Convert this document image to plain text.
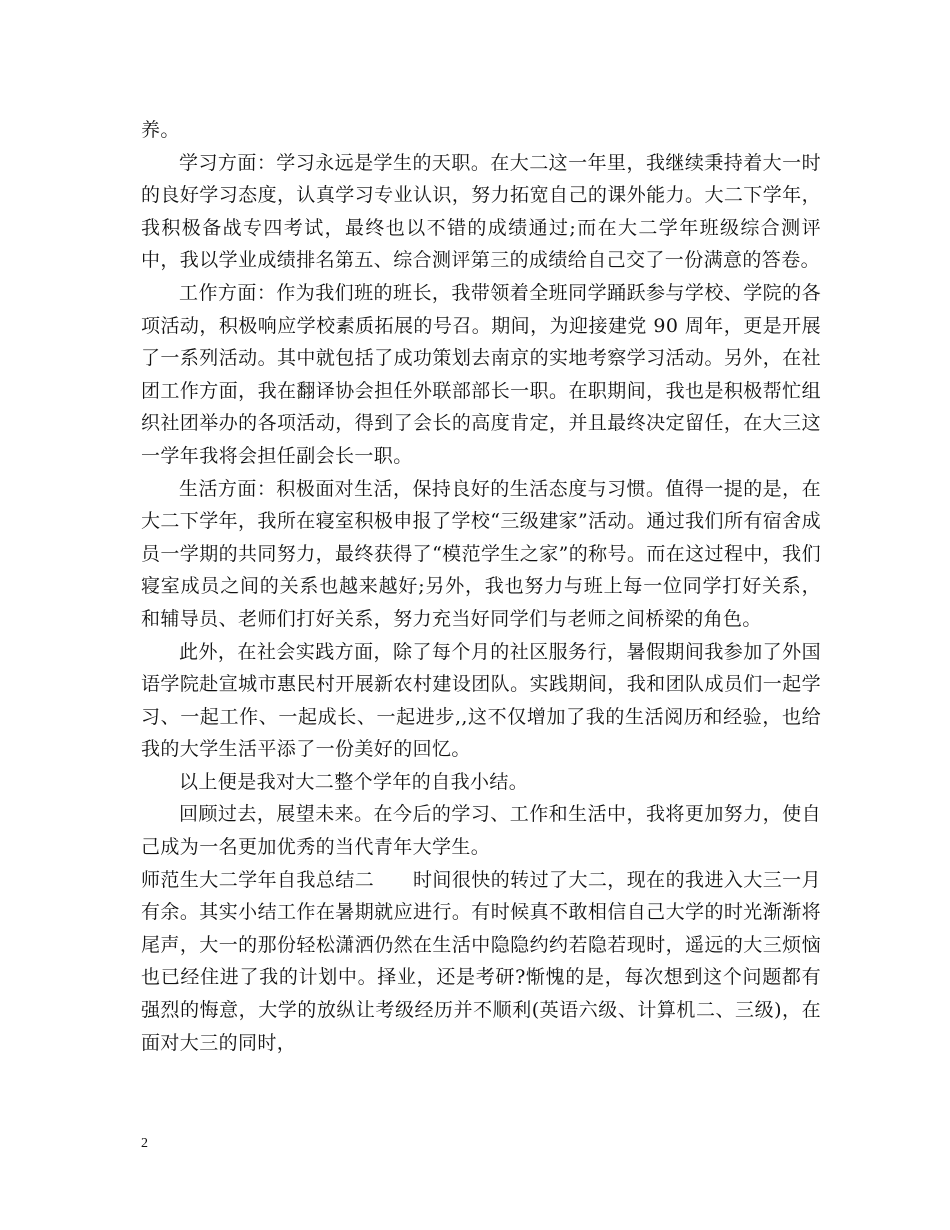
养。

学习方面：学习永远是学生的天职。在大二这一年里，我继续秉持着大一时的良好学习态度，认真学习专业认识，努力拓宽自己的课外能力。大二下学年，我积极备战专四考试，最终也以不错的成绩通过;而在大二学年班级综合测评中，我以学业成绩排名第五、综合测评第三的成绩给自己交了一份满意的答卷。

工作方面：作为我们班的班长，我带领着全班同学踊跃参与学校、学院的各项活动，积极响应学校素质拓展的号召。期间，为迎接建党 90 周年，更是开展了一系列活动。其中就包括了成功策划去南京的实地考察学习活动。另外，在社团工作方面，我在翻译协会担任外联部部长一职。在职期间，我也是积极帮忙组织社团举办的各项活动，得到了会长的高度肯定，并且最终决定留任，在大三这一学年我将会担任副会长一职。

生活方面：积极面对生活，保持良好的生活态度与习惯。值得一提的是，在大二下学年，我所在寝室积极申报了学校“三级建家”活动。通过我们所有宿舍成员一学期的共同努力，最终获得了“模范学生之家”的称号。而在这过程中，我们寝室成员之间的关系也越来越好;另外，我也努力与班上每一位同学打好关系，和辅导员、老师们打好关系，努力充当好同学们与老师之间桥梁的角色。

此外，在社会实践方面，除了每个月的社区服务行，暑假期间我参加了外国语学院赴宣城市惠民村开展新农村建设团队。实践期间，我和团队成员们一起学习、一起工作、一起成长、一起进步,,这不仅增加了我的生活阅历和经验，也给我的大学生活平添了一份美好的回忆。

以上便是我对大二整个学年的自我小结。

回顾过去，展望未来。在今后的学习、工作和生活中，我将更加努力，使自己成为一名更加优秀的当代青年大学生。

师范生大二学年自我总结二　　时间很快的转过了大二，现在的我进入大三一月有余。其实小结工作在暑期就应进行。有时候真不敢相信自己大学的时光渐渐将尾声，大一的那份轻松潇洒仍然在生活中隐隐约约若隐若现时，遥远的大三烦恼也已经住进了我的计划中。择业，还是考研?惭愧的是，每次想到这个问题都有强烈的悔意，大学的放纵让考级经历并不顺利(英语六级、计算机二、三级)，在面对大三的同时，

2
